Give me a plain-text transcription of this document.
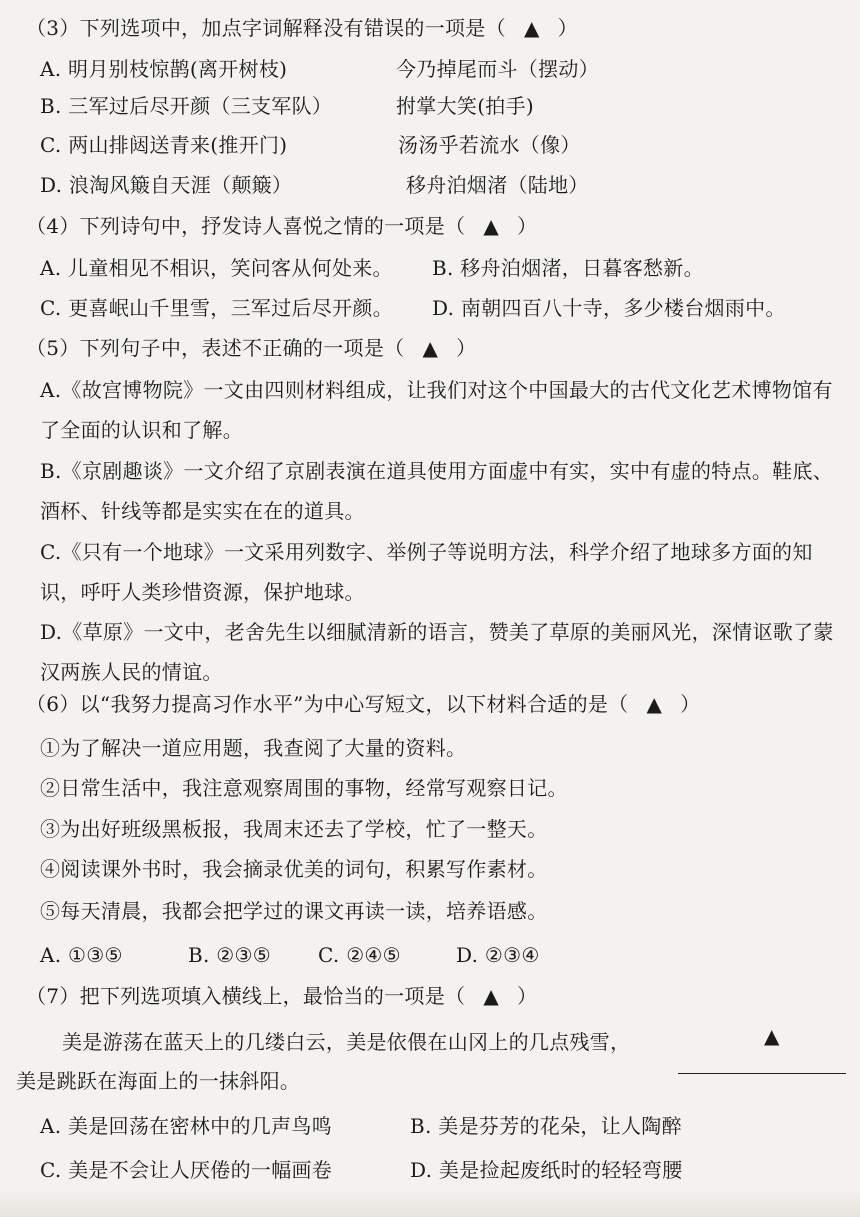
（3）下列选项中，加点字词解释没有错误的一项是（ ▲ ）
A. 明月别枝惊鹊(离开树枝)	今乃掉尾而斗（摆动）
B. 三军过后尽开颜（三支军队）	拊掌大笑(拍手)
C. 两山排闼送青来(推开门)	汤汤乎若流水（像）
D. 浪淘风簸自天涯（颠簸）	移舟泊烟渚（陆地）
（4）下列诗句中，抒发诗人喜悦之情的一项是（ ▲ ）
A. 儿童相见不相识，笑问客从何处来。 B. 移舟泊烟渚，日暮客愁新。
C. 更喜岷山千里雪，三军过后尽开颜。 D. 南朝四百八十寺，多少楼台烟雨中。
（5）下列句子中，表述不正确的一项是（ ▲ ）
A.《故宫博物院》一文由四则材料组成，让我们对这个中国最大的古代文化艺术博物馆有了全面的认识和了解。
B.《京剧趣谈》一文介绍了京剧表演在道具使用方面虚中有实，实中有虚的特点。鞋底、酒杯、针线等都是实实在在的道具。
C.《只有一个地球》一文采用列数字、举例子等说明方法，科学介绍了地球多方面的知识，呼吁人类珍惜资源，保护地球。
D.《草原》一文中，老舍先生以细腻清新的语言，赞美了草原的美丽风光，深情讴歌了蒙汉两族人民的情谊。
（6）以“我努力提高习作水平”为中心写短文，以下材料合适的是（ ▲ ）
①为了解决一道应用题，我查阅了大量的资料。
②日常生活中，我注意观察周围的事物，经常写观察日记。
③为出好班级黑板报，我周末还去了学校，忙了一整天。
④阅读课外书时，我会摘录优美的词句，积累写作素材。
⑤每天清晨，我都会把学过的课文再读一读，培养语感。
A. ①③⑤	B. ②③⑤ C. ②④⑤	D. ②③④
（7）把下列选项填入横线上，最恰当的一项是（ ▲ ）
美是游荡在蓝天上的几缕白云，美是依偎在山冈上的几点残雪，	▲
美是跳跃在海面上的一抹斜阳。
A. 美是回荡在密林中的几声鸟鸣	B. 美是芬芳的花朵，让人陶醉
C. 美是不会让人厌倦的一幅画卷	D. 美是捡起废纸时的轻轻弯腰
